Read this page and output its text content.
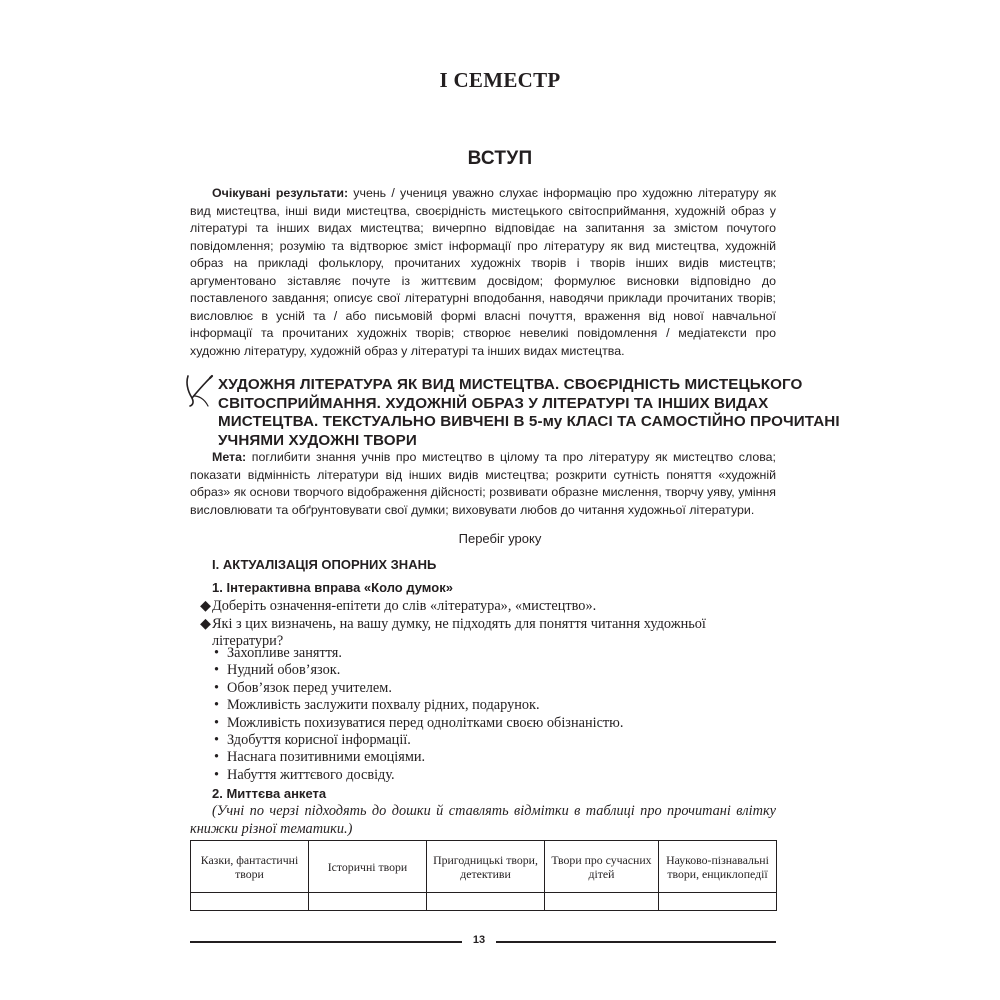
І СЕМЕСТР
ВСТУП

Очікувані результати: учень / учениця уважно слухає інформацію про художню літературу як вид мистецтва, інші види мистецтва, своєрідність мистецького світосприймання, художній образ у літературі та інших видах мистецтва; вичерпно відповідає на запитання за змістом почутого повідомлення; розумію та відтворює зміст інформації про літературу як вид мистецтва, художній образ на прикладі фольклору, прочитаних художніх творів і творів інших видів мистецтв; аргументовано зіставляє почуте із життєвим досвідом; формулює висновки відповідно до поставленого завдання; описує свої літературні вподобання, наводячи приклади прочитаних творів; висловлює в усній та / або письмовій формі власні почуття, враження від нової навчальної інформації та прочитаних художніх творів; створює невеликі повідомлення / медіатексти про художню літературу, художній образ у літературі та інших видах мистецтва.

ХУДОЖНЯ ЛІТЕРАТУРА ЯК ВИД МИСТЕЦТВА. СВОЄРІДНІСТЬ МИСТЕЦЬКОГО
СВІТОСПРИЙМАННЯ. ХУДОЖНІЙ ОБРАЗ У ЛІТЕРАТУРІ ТА ІНШИХ ВИДАХ
МИСТЕЦТВА. ТЕКСТУАЛЬНО ВИВЧЕНІ В 5-му КЛАСІ ТА САМОСТІЙНО ПРОЧИТАНІ
УЧНЯМИ ХУДОЖНІ ТВОРИ

Мета: поглибити знання учнів про мистецтво в цілому та про літературу як мистецтво слова; показати відмінність літератури від інших видів мистецтва; розкрити сутність поняття «художній образ» як основи творчого відображення дійсності; розвивати образне мислення, творчу уяву, уміння висловлювати та обґрунтовувати свої думки; виховувати любов до читання художньої літератури.

Перебіг уроку
І. АКТУАЛІЗАЦІЯ ОПОРНИХ ЗНАНЬ
1. Інтерактивна вправа «Коло думок»
◆ Доберіть означення-епітети до слів «література», «мистецтво».
◆ Які з цих визначень, на вашу думку, не підходять для поняття читання художньої літератури?
• Захопливе заняття.
• Нудний обов’язок.
• Обов’язок перед учителем.
• Можливість заслужити похвалу рідних, подарунок.
• Можливість похизуватися перед однолітками своєю обізнаністю.
• Здобуття корисної інформації.
• Наснага позитивними емоціями.
• Набуття життєвого досвіду.
2. Миттєва анкета

(Учні по черзі підходять до дошки й ставлять відмітки в таблиці про прочитані влітку книжки різної тематики.)

Казки, фантастичні твори	Історичні твори	Пригодницькі твори, детективи	Твори про сучасних дітей	Науково-пізнавальні твори, енциклопедії

13
